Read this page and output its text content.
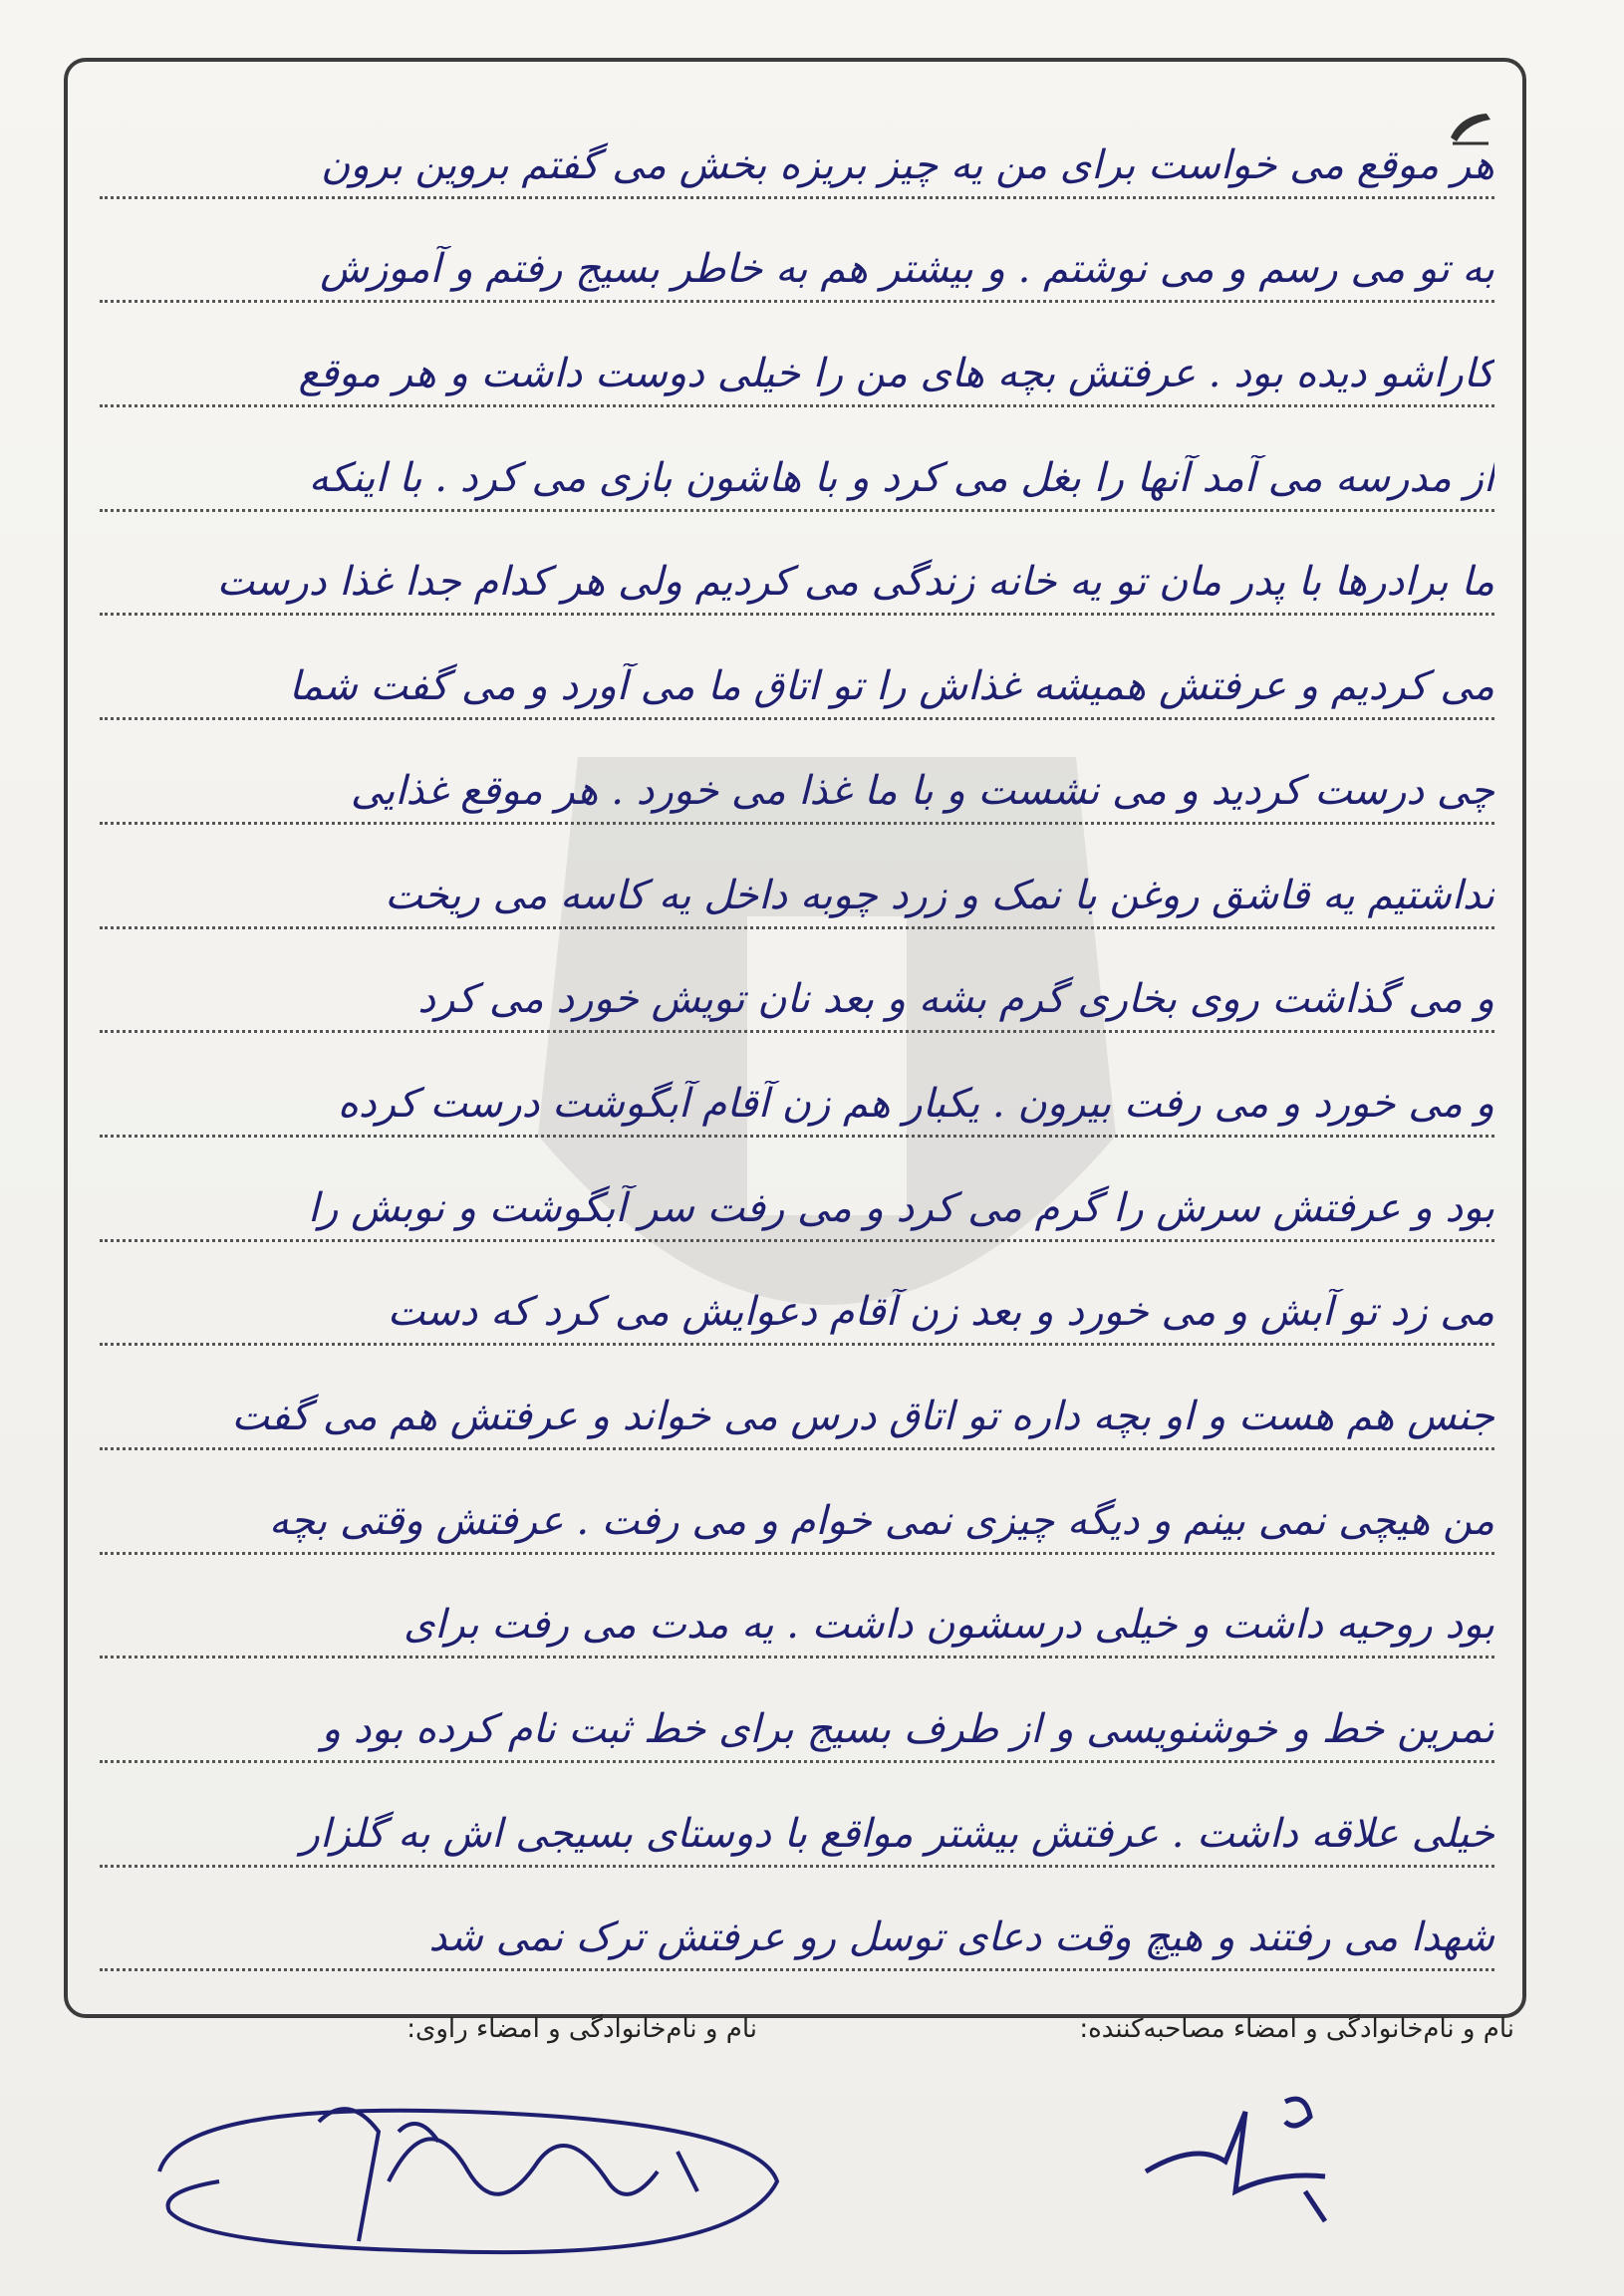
هر موقع می خواست برای من یه چیز بریزه بخش می گفتم بروین برون
به تو می رسم و می نوشتم . و بیشتر هم به خاطر بسیج رفتم و آموزش
کاراشو دیده بود . عرفتش بچه های من را خیلی دوست داشت و هر موقع
از مدرسه می آمد آنها را بغل می کرد و با هاشون بازی می کرد . با اینکه
ما برادرها با پدر مان تو یه خانه زندگی می کردیم ولی هر کدام جدا غذا درست
می کردیم و عرفتش همیشه غذاش را تو اتاق ما می آورد و می گفت شما
چی درست کردید و می نشست و با ما غذا می خورد . هر موقع غذایی
نداشتیم یه قاشق روغن با نمک و زرد چوبه داخل یه کاسه می ریخت
و می گذاشت روی بخاری گرم بشه و بعد نان تویش خورد می کرد
و می خورد و می رفت بیرون . یکبار هم زن آقام آبگوشت درست کرده
بود و عرفتش سرش را گرم می کرد و می رفت سر آبگوشت و نوبش را
می زد تو آبش و می خورد و بعد زن آقام دعوایش می کرد که دست
جنس هم هست و او بچه داره تو اتاق درس می خواند و عرفتش هم می گفت
من هیچی نمی بینم و دیگه چیزی نمی خوام و می رفت . عرفتش وقتی بچه
بود روحیه داشت و خیلی درسشون داشت . یه مدت می رفت برای
تمرین خط و خوشنویسی و از طرف بسیج برای خط ثبت نام کرده بود و
خیلی علاقه داشت . عرفتش بیشتر مواقع با دوستای بسیجی اش به گلزار
شهدا می رفتند و هیچ وقت دعای توسل رو عرفتش ترک نمی شد
نام و نام‌خانوادگی و امضاء مصاحبه‌کننده:
نام و نام‌خانوادگی و امضاء راوی:
